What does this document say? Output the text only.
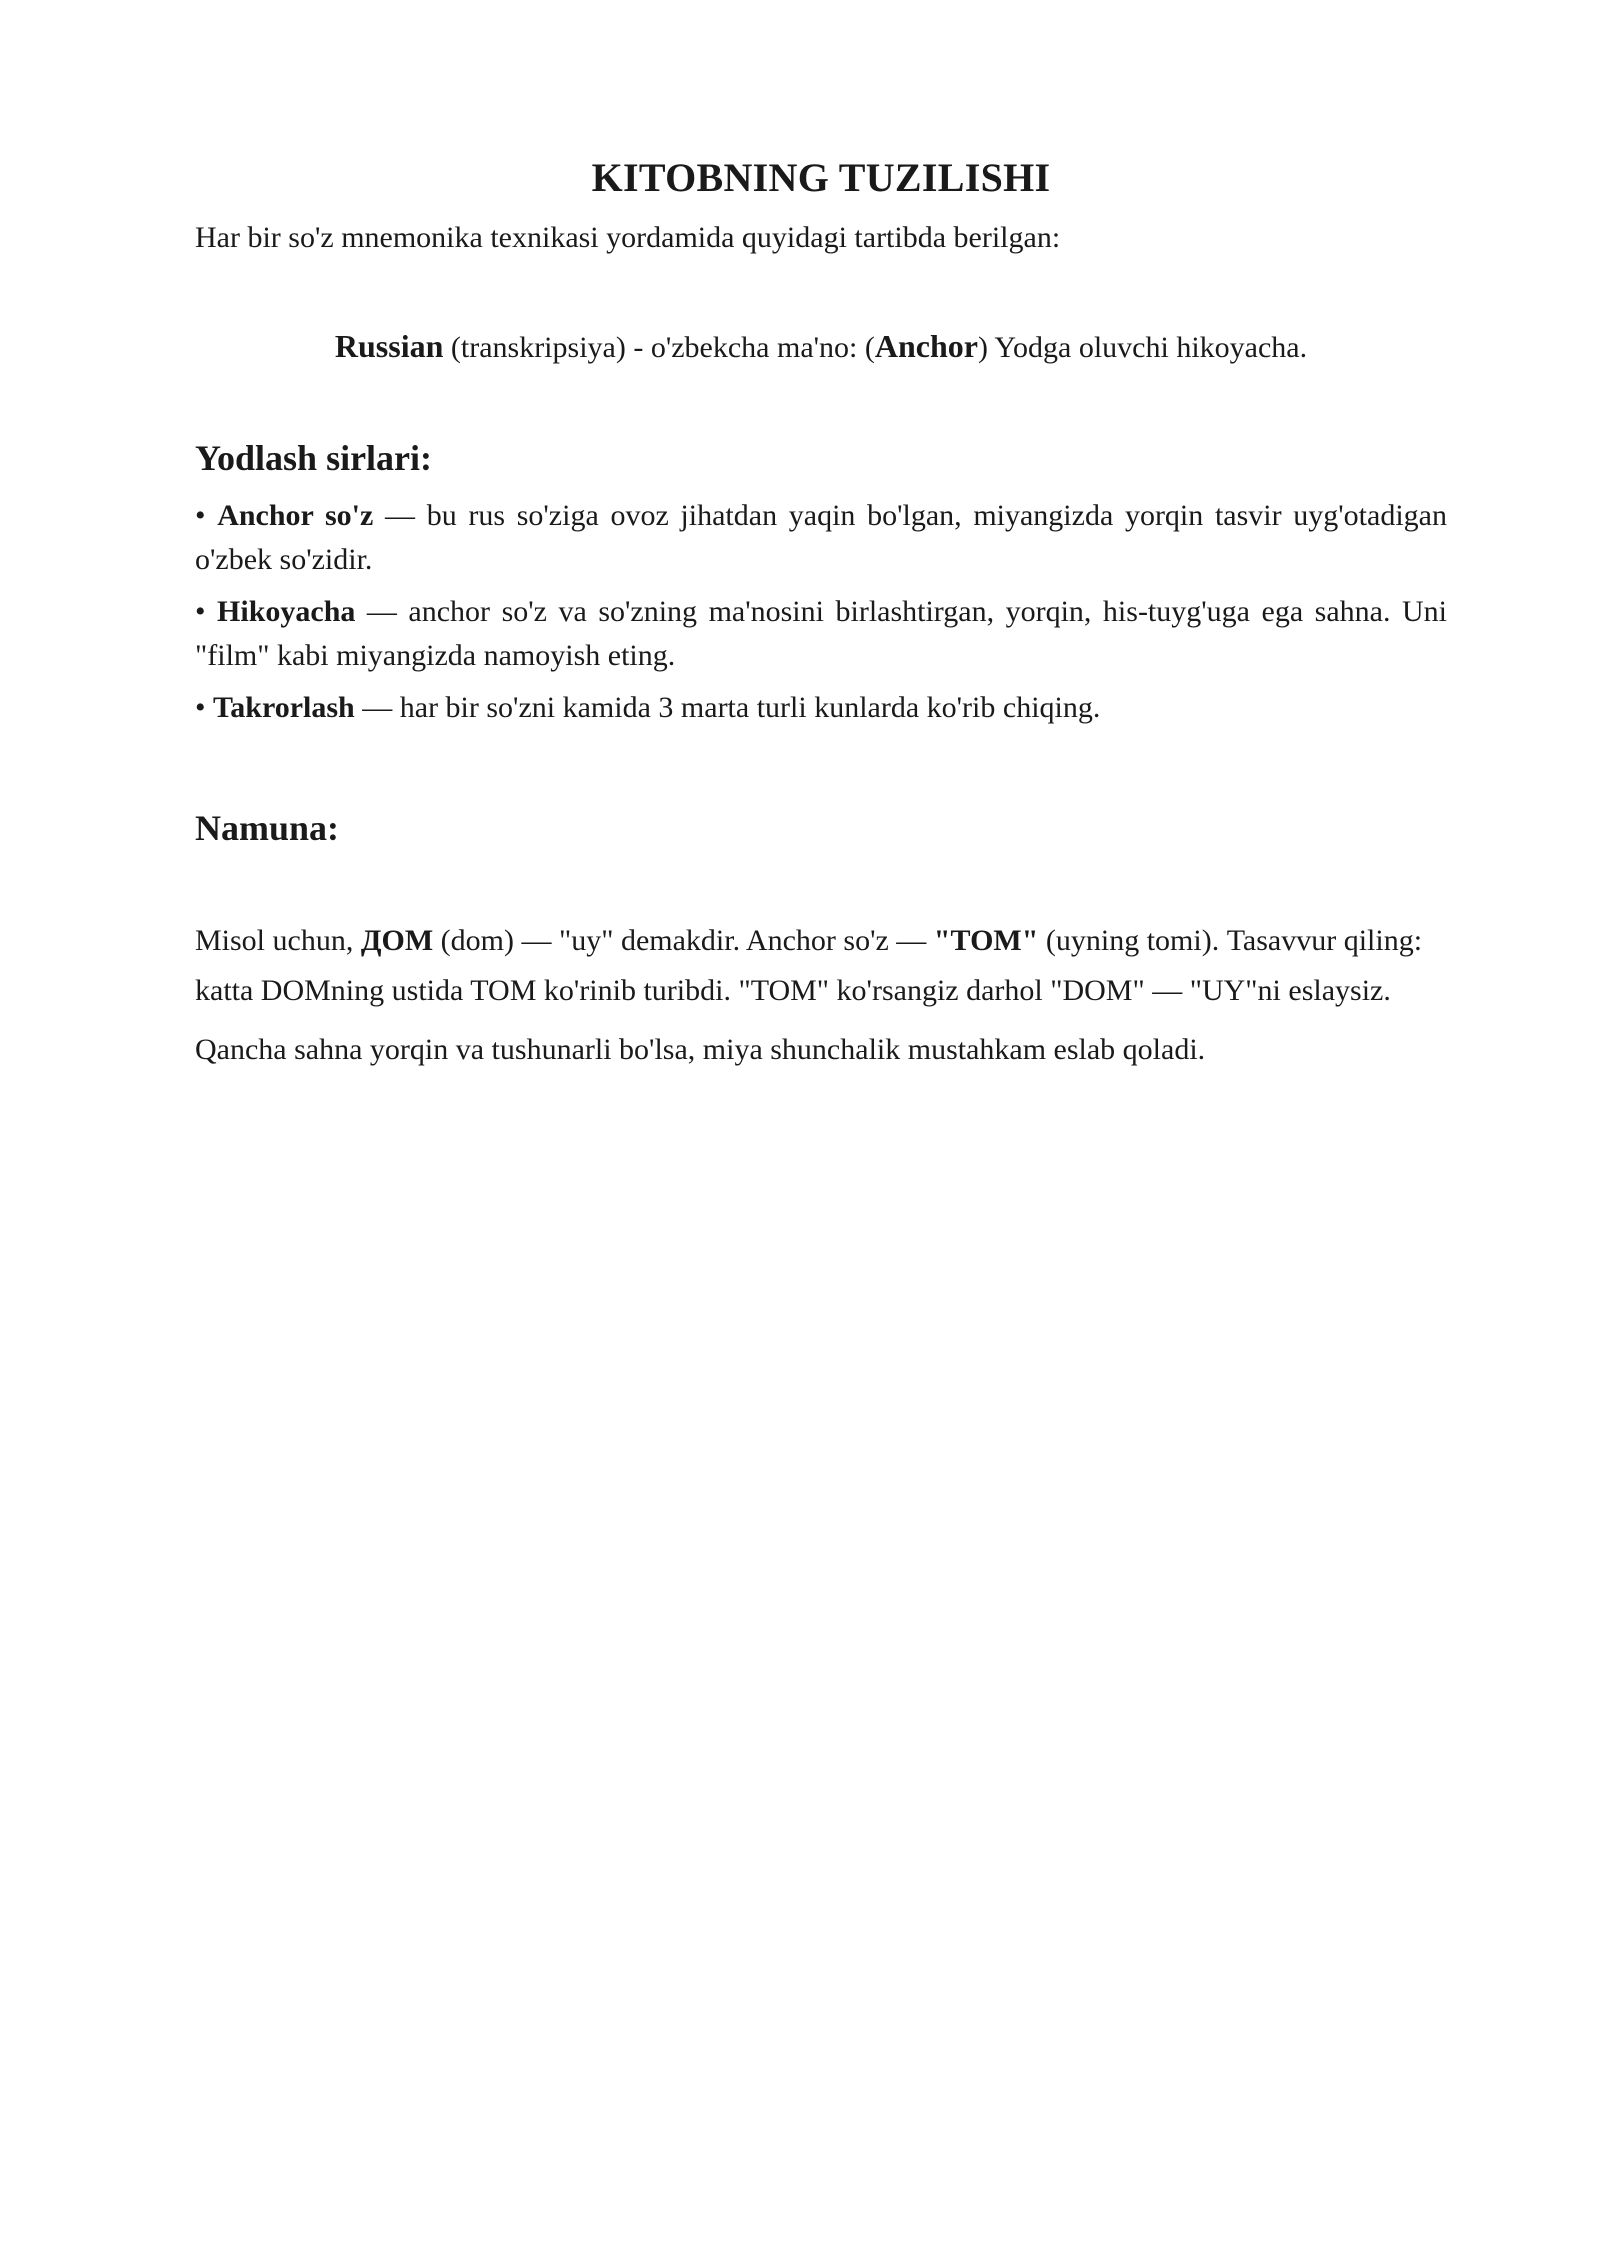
KITOBNING TUZILISHI

Har bir so'z mnemonika texnikasi yordamida quyidagi tartibda berilgan:

Russian (transkripsiya) - o'zbekcha ma'no: (Anchor) Yodga oluvchi hikoyacha.

Yodlash sirlari:
• Anchor so'z — bu rus so'ziga ovoz jihatdan yaqin bo'lgan, miyangizda yorqin tasvir uyg'otadigan o'zbek so'zidir.
• Hikoyacha — anchor so'z va so'zning ma'nosini birlashtirgan, yorqin, his-tuyg'uga ega sahna. Uni "film" kabi miyangizda namoyish eting.
• Takrorlash — har bir so'zni kamida 3 marta turli kunlarda ko'rib chiqing.
Namuna:

Misol uchun, ДОМ (dom) — "uy" demakdir. Anchor so'z — "ТОМ" (uyning tomi). Tasavvur qiling: katta DOMning ustida TOM ko'rinib turibdi. "TOM" ko'rsangiz darhol "DOM" — "UY"ni eslaysiz.

Qancha sahna yorqin va tushunarli bo'lsa, miya shunchalik mustahkam eslab qoladi.
